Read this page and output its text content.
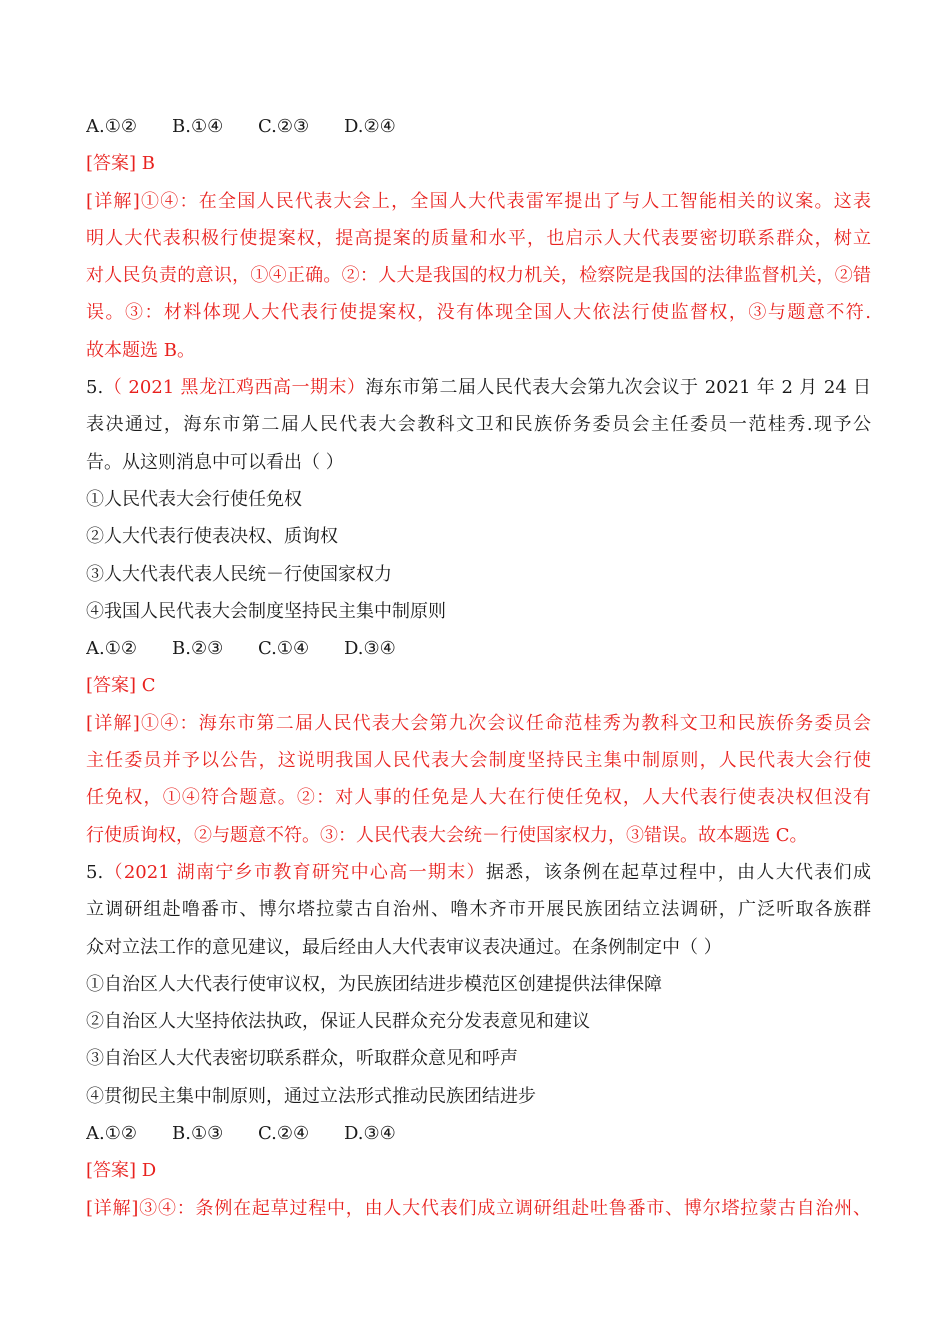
A.①② B.①④ C.②③ D.②④
[答案] B
[详解]①④：在全国人民代表大会上，全国人大代表雷军提出了与人工智能相关的议案。这表
明人大代表积极行使提案权，提高提案的质量和水平，也启示人大代表要密切联系群众，树立
对人民负责的意识，①④正确。②：人大是我国的权力机关，检察院是我国的法律监督机关，②错
误。③：材料体现人大代表行使提案权，没有体现全国人大依法行使监督权，③与题意不符.
故本题选 B。
5.（ 2021 黑龙江鸡西高一期末）海东市第二届人民代表大会第九次会议于 2021 年 2 月 24 日
表决通过，海东市第二届人民代表大会教科文卫和民族侨务委员会主任委员一范桂秀.现予公
告。从这则消息中可以看出（ ）
①人民代表大会行使任免权
②人大代表行使表决权、质询权
③人大代表代表人民统－行使国家权力
④我国人民代表大会制度坚持民主集中制原则
A.①② B.②③ C.①④ D.③④
[答案] C
[详解]①④：海东市第二届人民代表大会第九次会议任命范桂秀为教科文卫和民族侨务委员会
主任委员并予以公告，这说明我国人民代表大会制度坚持民主集中制原则，人民代表大会行使
任免权，①④符合题意。②：对人事的任免是人大在行使任免权，人大代表行使表决权但没有
行使质询权，②与题意不符。③：人民代表大会统－行使国家权力，③错误。故本题选 C。
5.（2021 湖南宁乡市教育研究中心高一期末）据悉，该条例在起草过程中，由人大代表们成
立调研组赴噜番市、博尔塔拉蒙古自治州、噜木齐市开展民族团结立法调研，广泛听取各族群
众对立法工作的意见建议，最后经由人大代表审议表决通过。在条例制定中（ ）
①自治区人大代表行使审议权，为民族团结进步模范区创建提供法律保障
②自治区人大坚持依法执政，保证人民群众充分发表意见和建议
③自治区人大代表密切联系群众，听取群众意见和呼声
④贯彻民主集中制原则，通过立法形式推动民族团结进步
A.①② B.①③ C.②④ D.③④
[答案] D
[详解]③④：条例在起草过程中，由人大代表们成立调研组赴吐鲁番市、博尔塔拉蒙古自治州、
